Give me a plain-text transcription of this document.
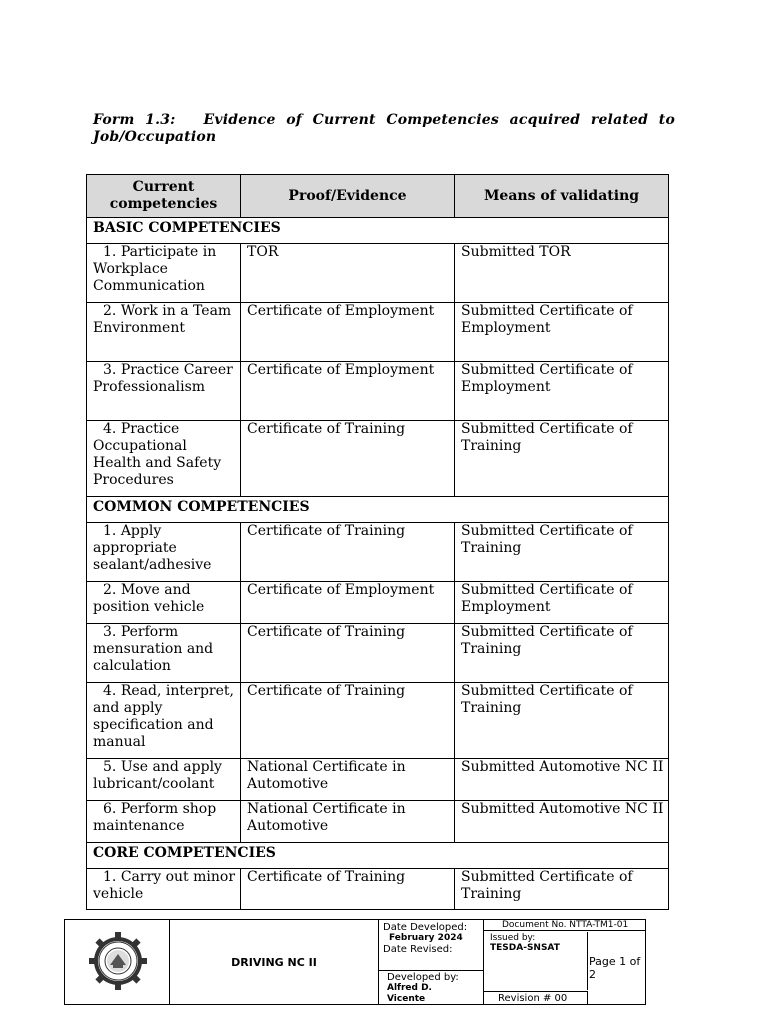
Form 1.3: Evidence of Current Competencies acquired related to Job/Occupation
Current competencies	Proof/Evidence	Means of validating
BASIC COMPETENCIES		
1. Participate in Workplace Communication	TOR	Submitted TOR
2. Work in a Team Environment	Certificate of Employment	Submitted Certificate of Employment
3. Practice Career Professionalism	Certificate of Employment	Submitted Certificate of Employment
4. Practice Occupational Health and Safety Procedures	Certificate of Training	Submitted Certificate of Training
COMMON COMPETENCIES		
1. Apply appropriate sealant/adhesive	Certificate of Training	Submitted Certificate of Training
2. Move and position vehicle	Certificate of Employment	Submitted Certificate of Employment
3. Perform mensuration and calculation	Certificate of Training	Submitted Certificate of Training
4. Read, interpret, and apply specification and manual	Certificate of Training	Submitted Certificate of Training
5. Use and apply lubricant/coolant	National Certificate in Automotive	Submitted Automotive NC II
6. Perform shop maintenance	National Certificate in Automotive	Submitted Automotive NC II
CORE COMPETENCIES		
1. Carry out minor vehicle	Certificate of Training	Submitted Certificate of Training
DRIVING NC II
Date Developed:
February 2024
Date Revised:
Developed by:
Alfred D.
Vicente
Document No. NTTA-TM1-01
Issued by:
TESDA-SNSAT
Page 1 of 2
Revision # 00
